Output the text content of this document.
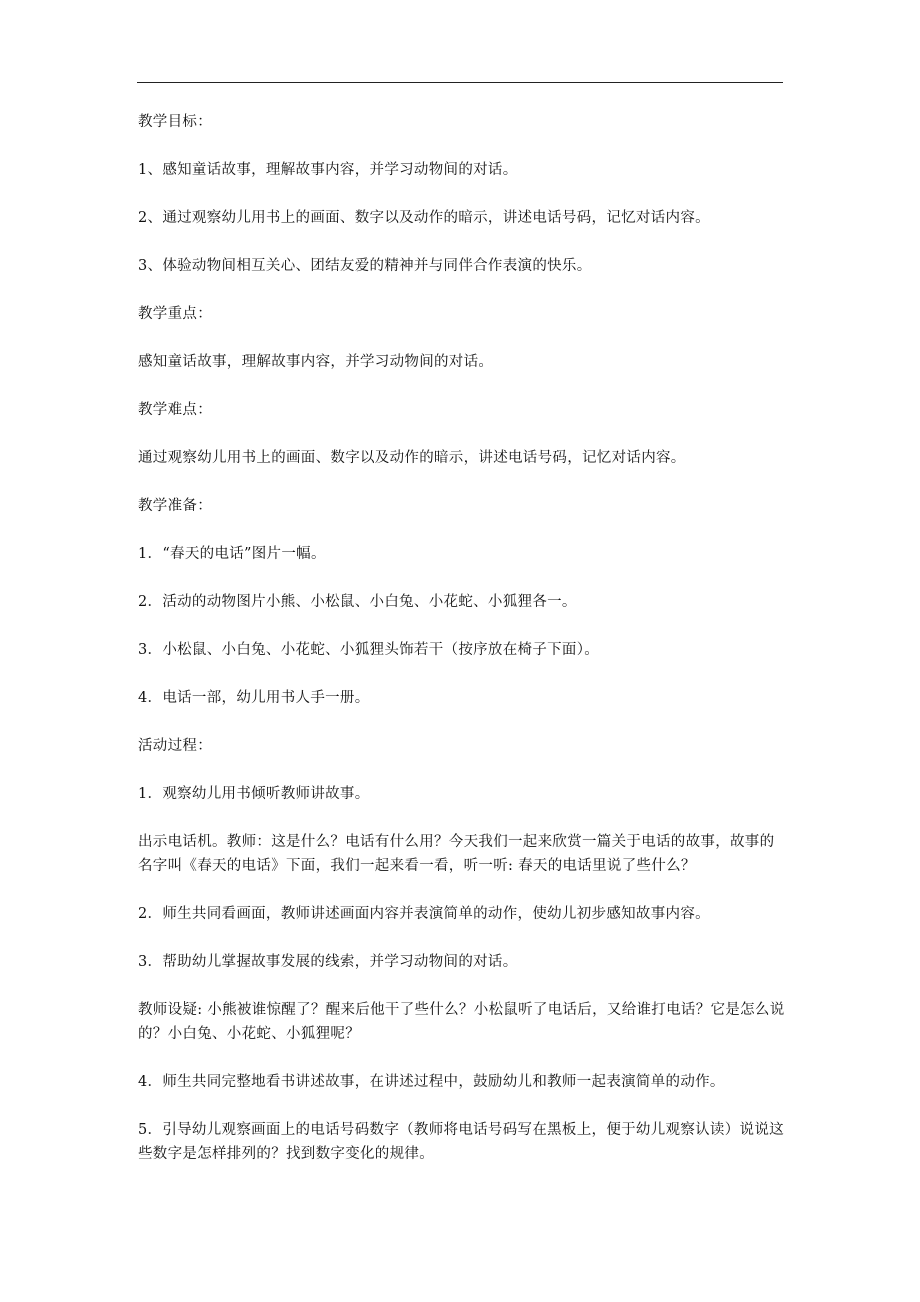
教学目标：

1、感知童话故事，理解故事内容，并学习动物间的对话。

2、通过观察幼儿用书上的画面、数字以及动作的暗示，讲述电话号码，记忆对话内容。

3、体验动物间相互关心、团结友爱的精神并与同伴合作表演的快乐。

教学重点：

感知童话故事，理解故事内容，并学习动物间的对话。

教学难点：

通过观察幼儿用书上的画面、数字以及动作的暗示，讲述电话号码，记忆对话内容。

教学准备：

1．“春天的电话”图片一幅。

2．活动的动物图片小熊、小松鼠、小白兔、小花蛇、小狐狸各一。

3．小松鼠、小白兔、小花蛇、小狐狸头饰若干（按序放在椅子下面）。

4．电话一部，幼儿用书人手一册。

活动过程：

1．观察幼儿用书倾听教师讲故事。

出示电话机。教师：这是什么？电话有什么用？今天我们一起来欣赏一篇关于电话的故事，故事的名字叫《春天的电话》下面，我们一起来看一看，听一听: 春天的电话里说了些什么？

2．师生共同看画面，教师讲述画面内容并表演简单的动作，使幼儿初步感知故事内容。

3．帮助幼儿掌握故事发展的线索，并学习动物间的对话。

教师设疑: 小熊被谁惊醒了？醒来后他干了些什么？小松鼠听了电话后，又给谁打电话？它是怎么说的？小白兔、小花蛇、小狐狸呢？

4．师生共同完整地看书讲述故事，在讲述过程中，鼓励幼儿和教师一起表演简单的动作。

5．引导幼儿观察画面上的电话号码数字（教师将电话号码写在黑板上，便于幼儿观察认读）说说这些数字是怎样排列的？找到数字变化的规律。
